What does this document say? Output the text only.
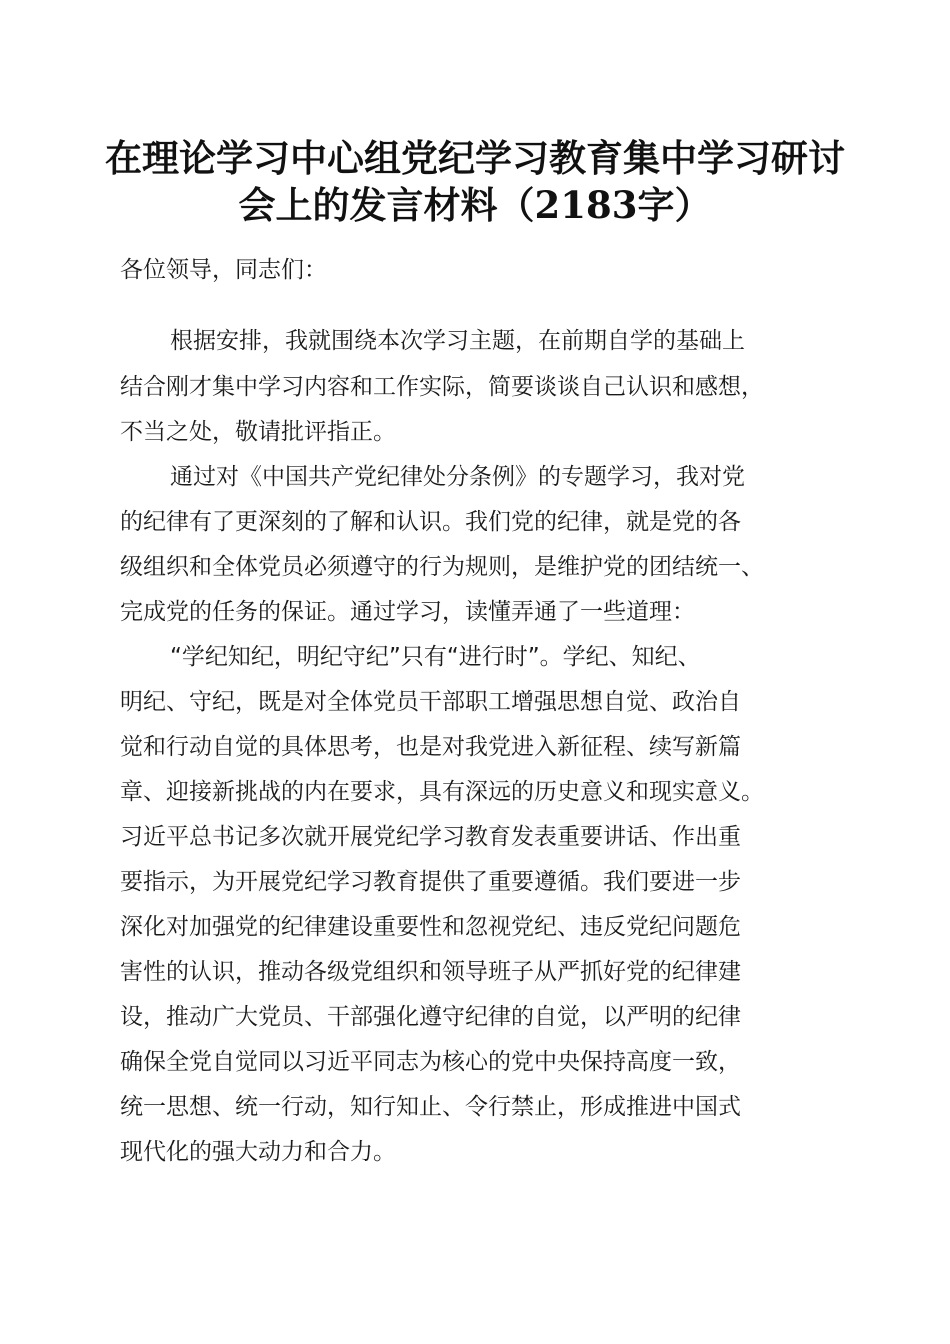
在理论学习中心组党纪学习教育集中学习研讨
会上的发言材料（2183字）

各位领导，同志们：

根据安排，我就围绕本次学习主题，在前期自学的基础上

结合刚才集中学习内容和工作实际，简要谈谈自己认识和感想，

不当之处，敬请批评指正。

通过对《中国共产党纪律处分条例》的专题学习，我对党

的纪律有了更深刻的了解和认识。我们党的纪律，就是党的各

级组织和全体党员必须遵守的行为规则，是维护党的团结统一、

完成党的任务的保证。通过学习，读懂弄通了一些道理：

“学纪知纪，明纪守纪”只有“进行时”。学纪、知纪、

明纪、守纪，既是对全体党员干部职工增强思想自觉、政治自

觉和行动自觉的具体思考，也是对我党进入新征程、续写新篇

章、迎接新挑战的内在要求，具有深远的历史意义和现实意义。

习近平总书记多次就开展党纪学习教育发表重要讲话、作出重

要指示，为开展党纪学习教育提供了重要遵循。我们要进一步

深化对加强党的纪律建设重要性和忽视党纪、违反党纪问题危

害性的认识，推动各级党组织和领导班子从严抓好党的纪律建

设，推动广大党员、干部强化遵守纪律的自觉，以严明的纪律

确保全党自觉同以习近平同志为核心的党中央保持高度一致，

统一思想、统一行动，知行知止、令行禁止，形成推进中国式

现代化的强大动力和合力。
